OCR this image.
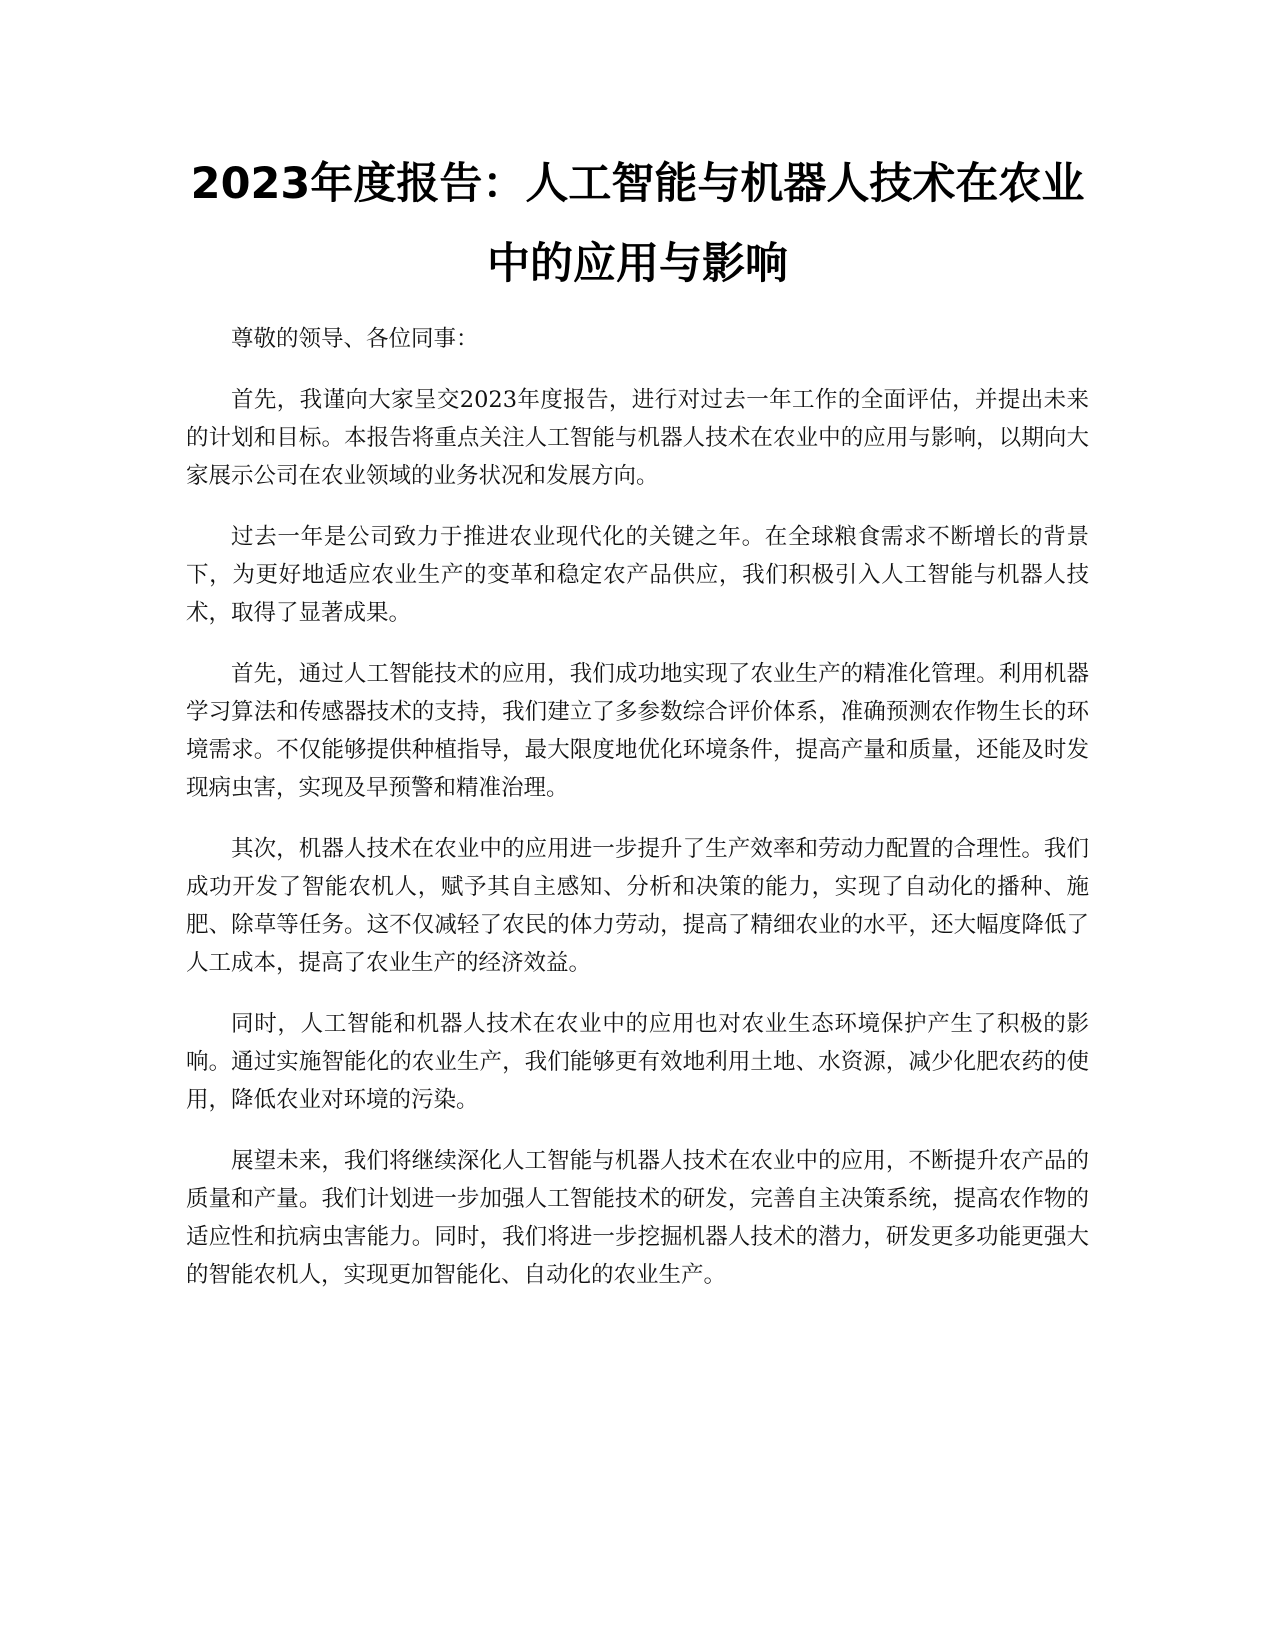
2023年度报告：人工智能与机器人技术在农业中的应用与影响

尊敬的领导、各位同事：

首先，我谨向大家呈交2023年度报告，进行对过去一年工作的全面评估，并提出未来的计划和目标。本报告将重点关注人工智能与机器人技术在农业中的应用与影响，以期向大家展示公司在农业领域的业务状况和发展方向。

过去一年是公司致力于推进农业现代化的关键之年。在全球粮食需求不断增长的背景下，为更好地适应农业生产的变革和稳定农产品供应，我们积极引入人工智能与机器人技术，取得了显著成果。

首先，通过人工智能技术的应用，我们成功地实现了农业生产的精准化管理。利用机器学习算法和传感器技术的支持，我们建立了多参数综合评价体系，准确预测农作物生长的环境需求。不仅能够提供种植指导，最大限度地优化环境条件，提高产量和质量，还能及时发现病虫害，实现及早预警和精准治理。

其次，机器人技术在农业中的应用进一步提升了生产效率和劳动力配置的合理性。我们成功开发了智能农机人，赋予其自主感知、分析和决策的能力，实现了自动化的播种、施肥、除草等任务。这不仅减轻了农民的体力劳动，提高了精细农业的水平，还大幅度降低了人工成本，提高了农业生产的经济效益。

同时，人工智能和机器人技术在农业中的应用也对农业生态环境保护产生了积极的影响。通过实施智能化的农业生产，我们能够更有效地利用土地、水资源，减少化肥农药的使用，降低农业对环境的污染。

展望未来，我们将继续深化人工智能与机器人技术在农业中的应用，不断提升农产品的质量和产量。我们计划进一步加强人工智能技术的研发，完善自主决策系统，提高农作物的适应性和抗病虫害能力。同时，我们将进一步挖掘机器人技术的潜力，研发更多功能更强大的智能农机人，实现更加智能化、自动化的农业生产。
